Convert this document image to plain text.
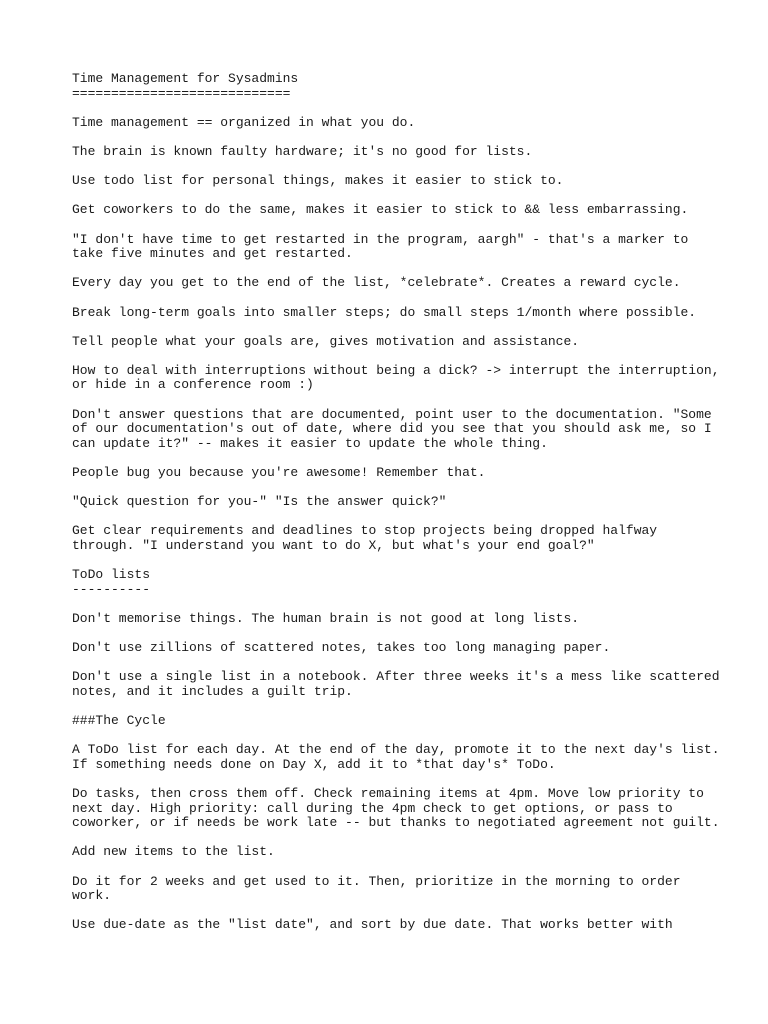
Time Management for Sysadmins
============================
Time management == organized in what you do.
The brain is known faulty hardware; it's no good for lists.
Use todo list for personal things, makes it easier to stick to.
Get coworkers to do the same, makes it easier to stick to && less embarrassing.
"I don't have time to get restarted in the program, aargh" - that's a marker to
take five minutes and get restarted.
Every day you get to the end of the list, *celebrate*. Creates a reward cycle.
Break long-term goals into smaller steps; do small steps 1/month where possible.
Tell people what your goals are, gives motivation and assistance.
How to deal with interruptions without being a dick? -> interrupt the interruption,
or hide in a conference room :)
Don't answer questions that are documented, point user to the documentation. "Some
of our documentation's out of date, where did you see that you should ask me, so I
can update it?" -- makes it easier to update the whole thing.
People bug you because you're awesome! Remember that.
"Quick question for you-" "Is the answer quick?"
Get clear requirements and deadlines to stop projects being dropped halfway
through. "I understand you want to do X, but what's your end goal?"
ToDo lists
----------
Don't memorise things. The human brain is not good at long lists.
Don't use zillions of scattered notes, takes too long managing paper.
Don't use a single list in a notebook. After three weeks it's a mess like scattered
notes, and it includes a guilt trip.
###The Cycle
A ToDo list for each day. At the end of the day, promote it to the next day's list.
If something needs done on Day X, add it to *that day's* ToDo.
Do tasks, then cross them off. Check remaining items at 4pm. Move low priority to
next day. High priority: call during the 4pm check to get options, or pass to
coworker, or if needs be work late -- but thanks to negotiated agreement not guilt.
Add new items to the list.
Do it for 2 weeks and get used to it. Then, prioritize in the morning to order
work.
Use due-date as the "list date", and sort by due date. That works better with
